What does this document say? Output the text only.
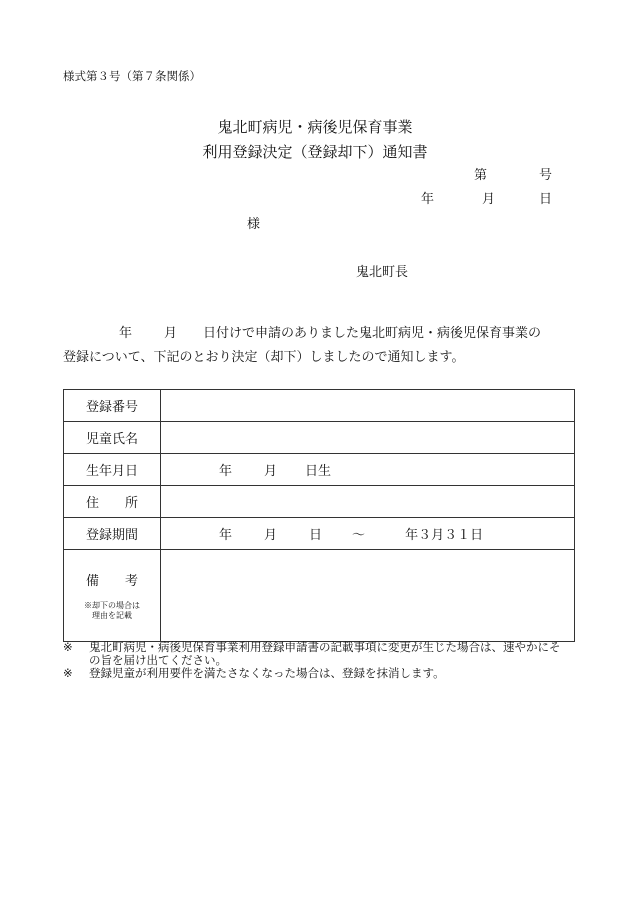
様式第３号（第７条関係）
鬼北町病児・病後児保育事業
利用登録決定（登録却下）通知書
第	号
年	月	日
様
鬼北町長
年 月 日付けで申請のありました鬼北町病児・病後児保育事業の
登録について、下記のとおり決定（却下）しましたので通知します。
登録番号	
児童氏名	
生年月日	年 月 日生

住　　所	
登録期間	年 月 日 ～ 年３月３１日

備　　考
※却下の場合は
理由を記載	

※	鬼北町病児・病後児保育事業利用登録申請書の記載事項に変更が生じた場合は、速やかにその旨を届け出てください。
※	登録児童が利用要件を満たさなくなった場合は、登録を抹消します。
